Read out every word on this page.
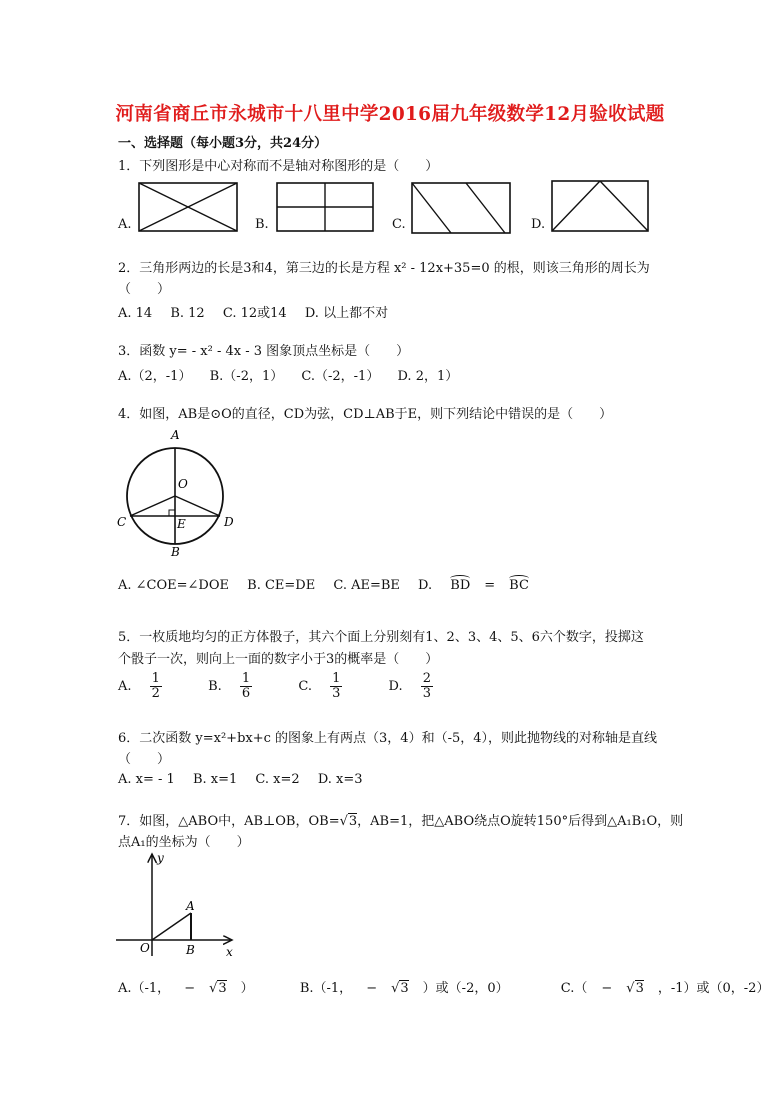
河南省商丘市永城市十八里中学2016届九年级数学12月验收试题
一、选择题（每小题3分，共24分）
1．下列图形是中心对称而不是轴对称图形的是（　　）
A.	B.	C.	D.
2．三角形两边的长是3和4，第三边的长是方程 x² - 12x+35=0 的根，则该三角形的周长为
（　　）
A. 14 B. 12 C. 12或14 D. 以上都不对
3．函数 y= - x² - 4x - 3 图象顶点坐标是（　　）
A.（2，-1） B.（-2，1） C.（-2，-1） D. 2，1）
4．如图，AB是⊙O的直径，CD为弦，CD⊥AB于E，则下列结论中错误的是（　　）
A
O
C	E	D
B
A. ∠COE=∠DOE B. CE=DE C. AE=BE D. BD = BC
5．一枚质地均匀的正方体骰子，其六个面上分别刻有1、2、3、4、5、6六个数字，投掷这
个骰子一次，则向上一面的数字小于3的概率是（　　）
A. $\frac{1}{2} B$. $\frac{1}{6} C$. $\frac{1}{3} D$. $\frac{2}{3}$
6．二次函数 y=x²+bx+c 的图象上有两点（3，4）和（-5，4），则此抛物线的对称轴是直线
（　　）
A. x= - 1 B. x=1 C. x=2 D. x=3
7．如图，△ABO中，AB⊥OB，OB=√3，AB=1，把△ABO绕点O旋转150°后得到△A₁B₁O，则
点A₁的坐标为（　　）
y
x
O
A
B
A.（-1， − √3 ）	B.（-1， − √3 ）或（-2，0）	C.（ − √3 ，-1）或（0，-2）
